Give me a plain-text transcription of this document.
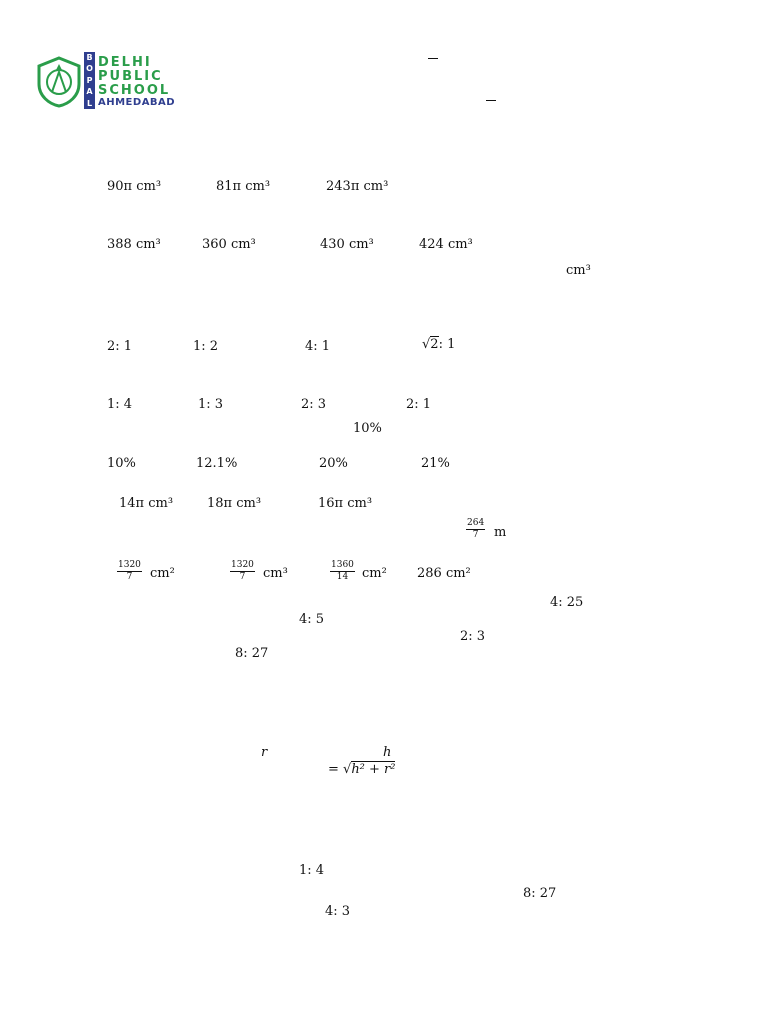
B
O
P
A
L
DELHI
PUBLIC
SCHOOL
AHMEDABAD
90π cm³	81π cm³	243π cm³
388 cm³	360 cm³	430 cm³	424 cm³
cm³
2: 1	1: 2	4: 1	√2: 1
1: 4	1: 3	2: 3	2: 1
10%
10%	12.1%	20%	21%
14π cm³	18π cm³	16π cm³
$\frac{264}{7}$ m
$\frac{1320}{7} cm^2$	$\frac{1320}{7} cm^3$	$\frac{1360}{14} cm^2$ 286 cm²
4: 25
4: 5
2: 3
8: 27
r	h
= √h² + r²
1: 4
8: 27
4: 3
